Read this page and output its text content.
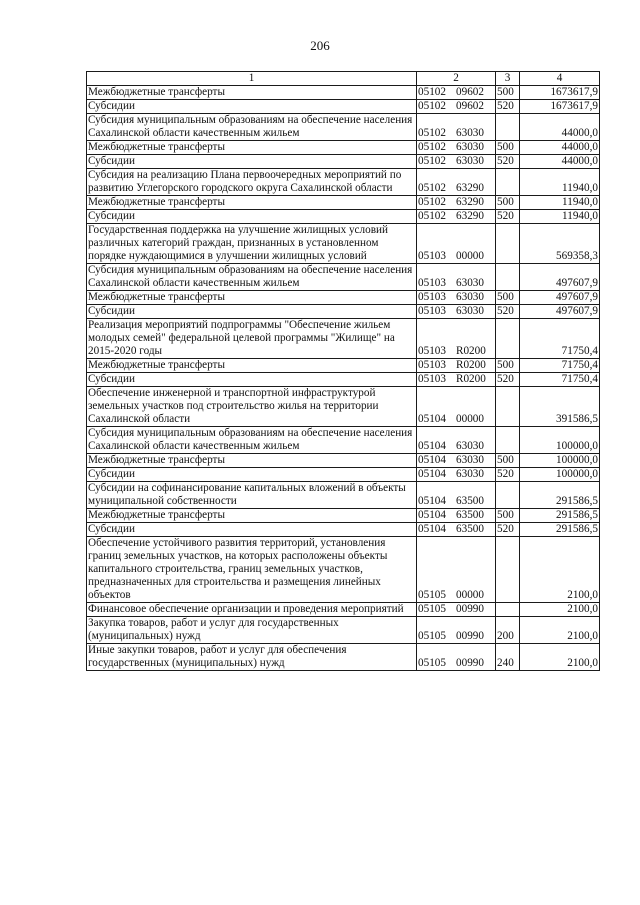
206
1	2	3	4
Межбюджетные трансферты	05102 09602	500	1673617,9
Субсидии	05102 09602	520	1673617,9
Субсидия муниципальным образованиям на обеспечение населения Сахалинской области качественным жильем	05102 63030		44000,0
Межбюджетные трансферты	05102 63030	500	44000,0
Субсидии	05102 63030	520	44000,0
Субсидия на реализацию Плана первоочередных мероприятий по развитию Углегорского городского округа Сахалинской области	05102 63290		11940,0
Межбюджетные трансферты	05102 63290	500	11940,0
Субсидии	05102 63290	520	11940,0
Государственная поддержка на улучшение жилищных условий различных категорий граждан, признанных в установленном порядке нуждающимися в улучшении жилищных условий	05103 00000		569358,3
Субсидия муниципальным образованиям на обеспечение населения Сахалинской области качественным жильем	05103 63030		497607,9
Межбюджетные трансферты	05103 63030	500	497607,9
Субсидии	05103 63030	520	497607,9
Реализация мероприятий подпрограммы "Обеспечение жильем молодых семей" федеральной целевой программы "Жилище" на 2015-2020 годы	05103 R0200		71750,4
Межбюджетные трансферты	05103 R0200	500	71750,4
Субсидии	05103 R0200	520	71750,4
Обеспечение инженерной и транспортной инфраструктурой земельных участков под строительство жилья на территории Сахалинской области	05104 00000		391586,5
Субсидия муниципальным образованиям на обеспечение населения Сахалинской области качественным жильем	05104 63030		100000,0
Межбюджетные трансферты	05104 63030	500	100000,0
Субсидии	05104 63030	520	100000,0
Субсидии на софинансирование капитальных вложений в объекты муниципальной собственности	05104 63500		291586,5
Межбюджетные трансферты	05104 63500	500	291586,5
Субсидии	05104 63500	520	291586,5
Обеспечение устойчивого развития территорий, установления границ земельных участков, на которых расположены объекты капитального строительства, границ земельных участков, предназначенных для строительства и размещения линейных объектов	05105 00000		2100,0
Финансовое обеспечение организации и проведения мероприятий	05105 00990		2100,0
Закупка товаров, работ и услуг для государственных (муниципальных) нужд	05105 00990	200	2100,0
Иные закупки товаров, работ и услуг для обеспечения государственных (муниципальных) нужд	05105 00990	240	2100,0
